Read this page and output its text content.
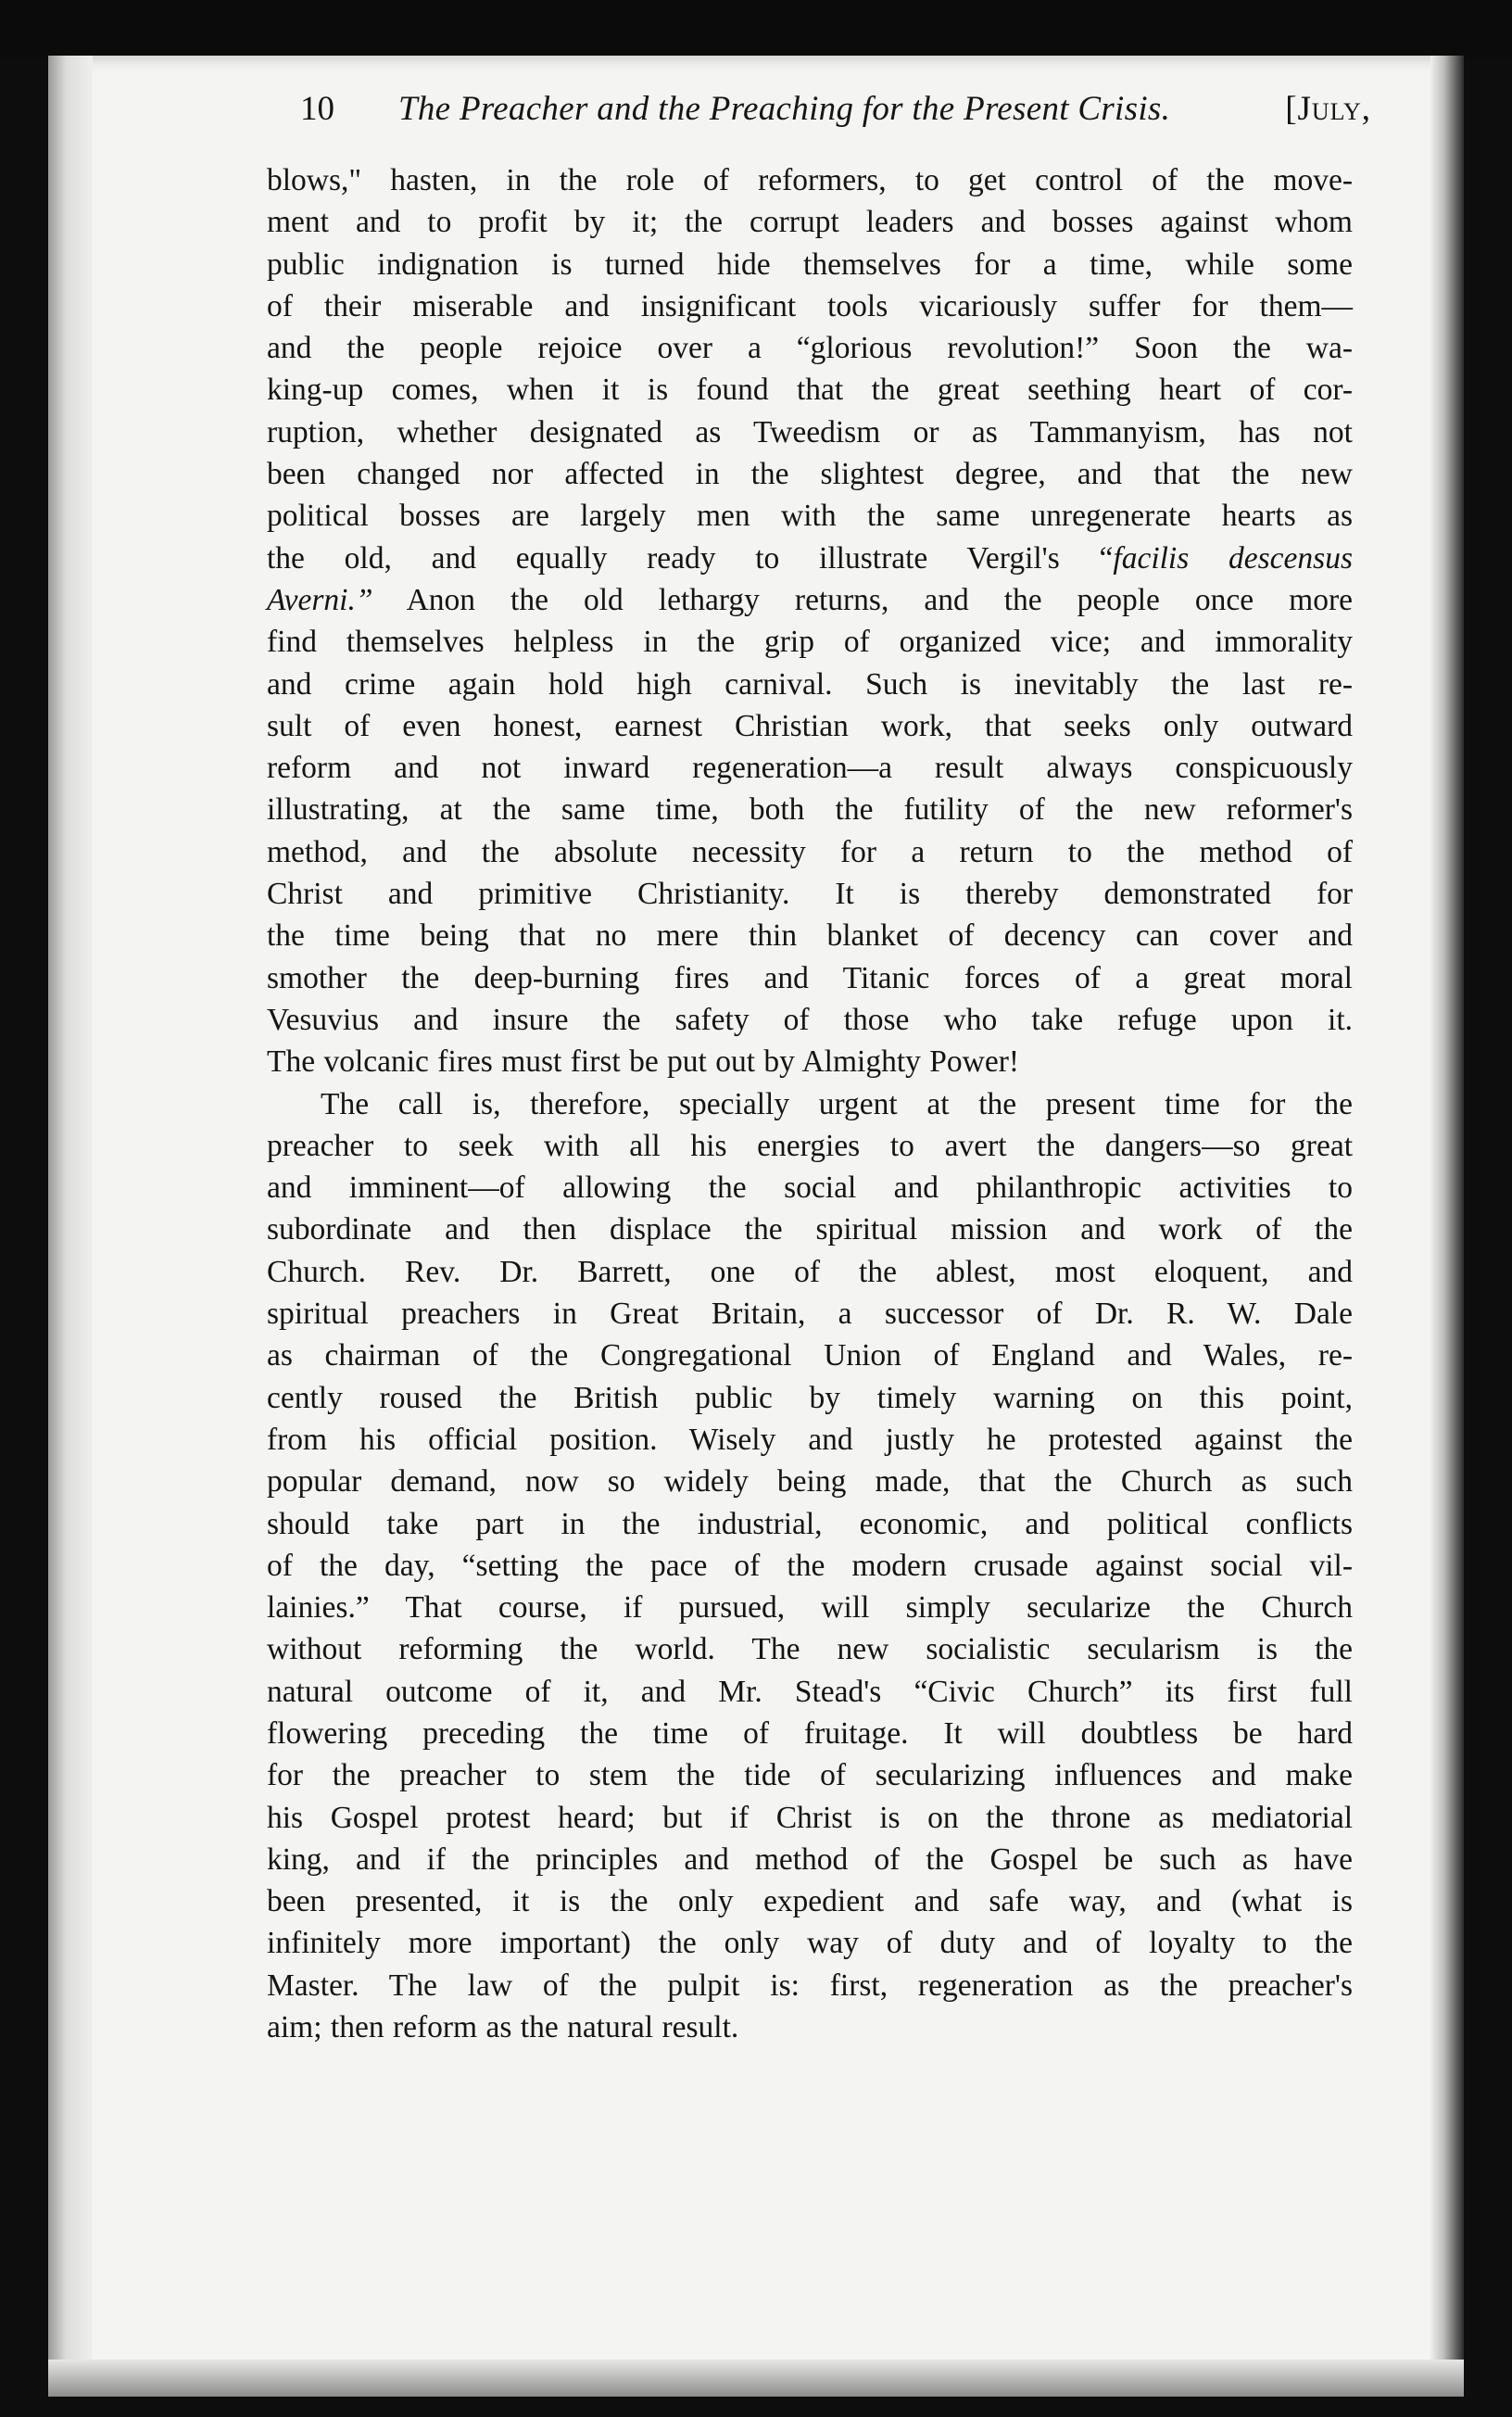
10 The Preacher and the Preaching for the Present Crisis.	[July,
blows," hasten, in the role of reformers, to get control of the move-
ment and to profit by it; the corrupt leaders and bosses against whom
public indignation is turned hide themselves for a time, while some
of their miserable and insignificant tools vicariously suffer for them—
and the people rejoice over a “glorious revolution!” Soon the wa-
king-up comes, when it is found that the great seething heart of cor-
ruption, whether designated as Tweedism or as Tammanyism, has not
been changed nor affected in the slightest degree, and that the new
political bosses are largely men with the same unregenerate hearts as
the old, and equally ready to illustrate Vergil's “facilis descensus
Averni.” Anon the old lethargy returns, and the people once more
find themselves helpless in the grip of organized vice; and immorality
and crime again hold high carnival. Such is inevitably the last re-
sult of even honest, earnest Christian work, that seeks only outward
reform and not inward regeneration—a result always conspicuously
illustrating, at the same time, both the futility of the new reformer's
method, and the absolute necessity for a return to the method of
Christ and primitive Christianity. It is thereby demonstrated for
the time being that no mere thin blanket of decency can cover and
smother the deep-burning fires and Titanic forces of a great moral
Vesuvius and insure the safety of those who take refuge upon it.
The volcanic fires must first be put out by Almighty Power!
The call is, therefore, specially urgent at the present time for the
preacher to seek with all his energies to avert the dangers—so great
and imminent—of allowing the social and philanthropic activities to
subordinate and then displace the spiritual mission and work of the
Church. Rev. Dr. Barrett, one of the ablest, most eloquent, and
spiritual preachers in Great Britain, a successor of Dr. R. W. Dale
as chairman of the Congregational Union of England and Wales, re-
cently roused the British public by timely warning on this point,
from his official position. Wisely and justly he protested against the
popular demand, now so widely being made, that the Church as such
should take part in the industrial, economic, and political conflicts
of the day, “setting the pace of the modern crusade against social vil-
lainies.” That course, if pursued, will simply secularize the Church
without reforming the world. The new socialistic secularism is the
natural outcome of it, and Mr. Stead's “Civic Church” its first full
flowering preceding the time of fruitage. It will doubtless be hard
for the preacher to stem the tide of secularizing influences and make
his Gospel protest heard; but if Christ is on the throne as mediatorial
king, and if the principles and method of the Gospel be such as have
been presented, it is the only expedient and safe way, and (what is
infinitely more important) the only way of duty and of loyalty to the
Master. The law of the pulpit is: first, regeneration as the preacher's
aim; then reform as the natural result.
